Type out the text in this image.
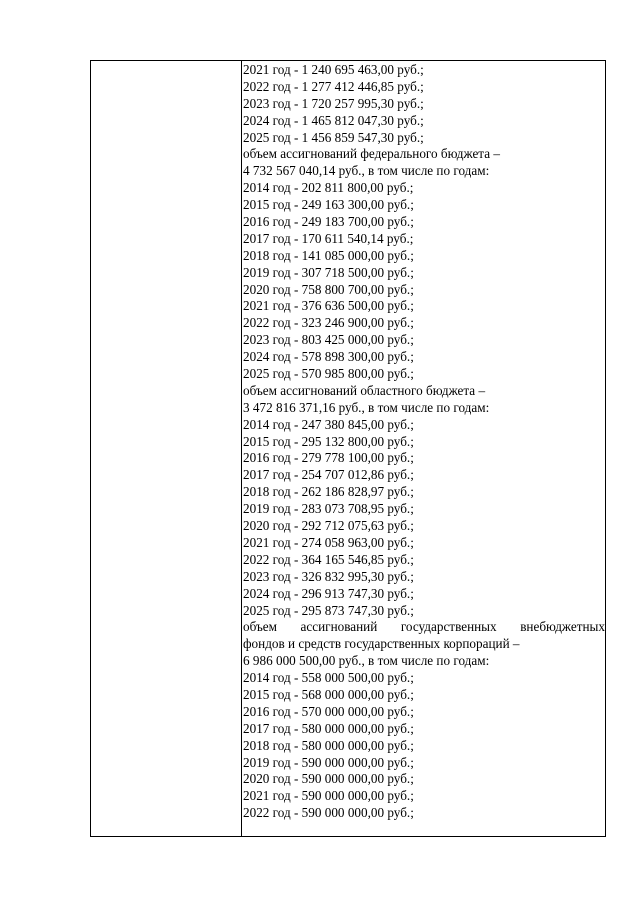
2021 год - 1 240 695 463,00 руб.;
2022 год - 1 277 412 446,85 руб.;
2023 год - 1 720 257 995,30 руб.;
2024 год - 1 465 812 047,30 руб.;
2025 год - 1 456 859 547,30 руб.;
объем ассигнований федерального бюджета –
4 732 567 040,14 руб., в том числе по годам:
2014 год - 202 811 800,00 руб.;
2015 год - 249 163 300,00 руб.;
2016 год - 249 183 700,00 руб.;
2017 год - 170 611 540,14 руб.;
2018 год - 141 085 000,00 руб.;
2019 год - 307 718 500,00 руб.;
2020 год - 758 800 700,00 руб.;
2021 год - 376 636 500,00 руб.;
2022 год - 323 246 900,00 руб.;
2023 год - 803 425 000,00 руб.;
2024 год - 578 898 300,00 руб.;
2025 год - 570 985 800,00 руб.;
объем ассигнований областного бюджета –
3 472 816 371,16 руб., в том числе по годам:
2014 год - 247 380 845,00 руб.;
2015 год - 295 132 800,00 руб.;
2016 год - 279 778 100,00 руб.;
2017 год - 254 707 012,86 руб.;
2018 год - 262 186 828,97 руб.;
2019 год - 283 073 708,95 руб.;
2020 год - 292 712 075,63 руб.;
2021 год - 274 058 963,00 руб.;
2022 год - 364 165 546,85 руб.;
2023 год - 326 832 995,30 руб.;
2024 год - 296 913 747,30 руб.;
2025 год - 295 873 747,30 руб.;
объем ассигнований государственных внебюджетных
фондов и средств государственных корпораций –
6 986 000 500,00 руб., в том числе по годам:
2014 год - 558 000 500,00 руб.;
2015 год - 568 000 000,00 руб.;
2016 год - 570 000 000,00 руб.;
2017 год - 580 000 000,00 руб.;
2018 год - 580 000 000,00 руб.;
2019 год - 590 000 000,00 руб.;
2020 год - 590 000 000,00 руб.;
2021 год - 590 000 000,00 руб.;
2022 год - 590 000 000,00 руб.;
